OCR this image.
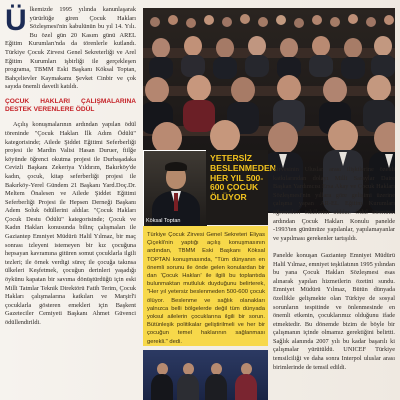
Ü lkemizde 1995 yılında kanunlaşarak yürürlüğe giren Çocuk Hakları Sözleşmesi'nin kabulünün bu yıl 14. Yılı. Bu özel gün 20 Kasım günü AREL Eğitim Kurumları'nda da törenlerle kutlandı. Türkiye Çocuk Zirvesi Genel Sekreterliği ve Arel Eğitim Kurumları işbirliği ile gerçekleşen programa, TBMM Eski Başkanı Köksal Toptan, Bahçelievler Kaymakamı Şevket Cinbir ve çok sayıda önemli davetli katıldı.
ÇOCUK HAKLARI ÇALIŞMALARINA DESTEK VERENLERE ÖDÜL
Açılış konuşmalarının ardından yapılan ödül töreninde "Çocuk Hakları İlk Adım Ödülü" kategorisinde; Ailede Şiddet Eğitimi Seferberliği projesi ile Mardin Valisi Hasan Duruer, fiilğe köyünde öğrenci okutma projesi ile Durbaşadaka Cevizli Başkanı Zekeriya Yıldırım, Bakırköy'de kadın, çocuk, kitap seferberliği projesi ile Bakırköy-Yerel Gündem 21 Başkanı Yard.Doç.Dr. Meltem Önalesen ve Ailede Şiddet Eğitimi Seferberliği Projesi ile Hepsen Derneği Başkanı Adem Soluk ödüllerini aldılar. "Çocuk Hakları Çocuk Destu Ödülü" kategorisinde; Çocuk ve Kadın Hakları konusunda bilinç çalışmaları ile Gaziantep Emniyet Müdürü Halil Yılmaz, bir maç sonrası izleyeni istemeyen bir kız çocuğuna hepsayan kavramına gitüren somut çocuklarla ilgili tezleri; ile örnek verdigi süreç ile çocuğa takınsa ülkeleri Keşfetmek, çocuğun derinleri yaşadığı öykünu kapatan bir savıma dönüştürdüğü için eski Milli Tatmlar Teknik Direktörü Fatih Terim, Çocuk Hakları çalışmalarına katkıları ve Marşirl'i çocuklarla gösteren emekleri için Başkent Gazeteciler Cemiyeti Başkanı Ahmet Güvenci ödüllendirildi.
Köksal Toptan
YETERSİZ BESLENMEDEN HER YIL 500-600 ÇOCUK ÖLÜYOR
Türkiye Çocuk Zirvesi Genel Sekreteri Eliyas Çiçekli'nin yaptığı açılış konuşmasının ardından, TBMM Eski Başkanı Köksal TOPTAN konuşmasında, "Tüm dünyanın en önemli sorunu ile önde gelen konulardan bir dan 'Çocuk Hakları' ile ilgili bu toplantıda bulunmaktan mutluluk duyduğunu belirterek, "Her yıl yetersiz beslenmeden 500-600 çocuk ölüyor. Beslenme ve sağlık olanakları yalnızca belli bölgelerde değil tüm dünyada yoksul ailelerin çocuklarına ilgili bir sorun. Bütünleşik politikalar geliştirilmeli ve her bir çocuğun temel haklarının sağlanması gerekli." dedi.
Zirvesinin Uluslar arası ilişkilerine özenli katkılarından dolayı Milli Saraylar Daire Başkan Yardımcısı Ersa Akay ve Çocuk Hakları Sözleşmesi'nin yıllara göre gelişimi üzerine çalışma yapan AR-EL Eğitim Kurumları öğrencileri ödüllerini aldılar. Ödül töreninin ardından Çocuk Hakları Konulu panelde -1993'ten günümüze yapılanlar, yapılamayanlar ve yapılması gerekenler tartışıldı.

Panelde konuşan Gaziantep Emniyet Müdürü Halil Yılmaz, emniyet teşkilatının 1995 yılından bu yana Çocuk Hakları Sözleşmesi esas alınarak yapılan hizmetlerin özetini sundu. Emniyet Müdürü Yılmaz, Bütün dünyada özellikle gelişmekte olan Türkiye de sosyal sorunların tespitinde ve önlenmesinde en önemli etkenin, çocuklarımız olduğunu ifade etmektedir. Bu dönemde bizim de böyle bir çalışmanın içinde olmamız gerektiğini belirtti. Sağlık alanında 2007 yılı bu kadar başarılı ki çalışmalar yürütüldü. UNICEF Türkiye temsilciliği ve daha sonra Interpol uluslar arası birimlerinde de temsil edildi.
